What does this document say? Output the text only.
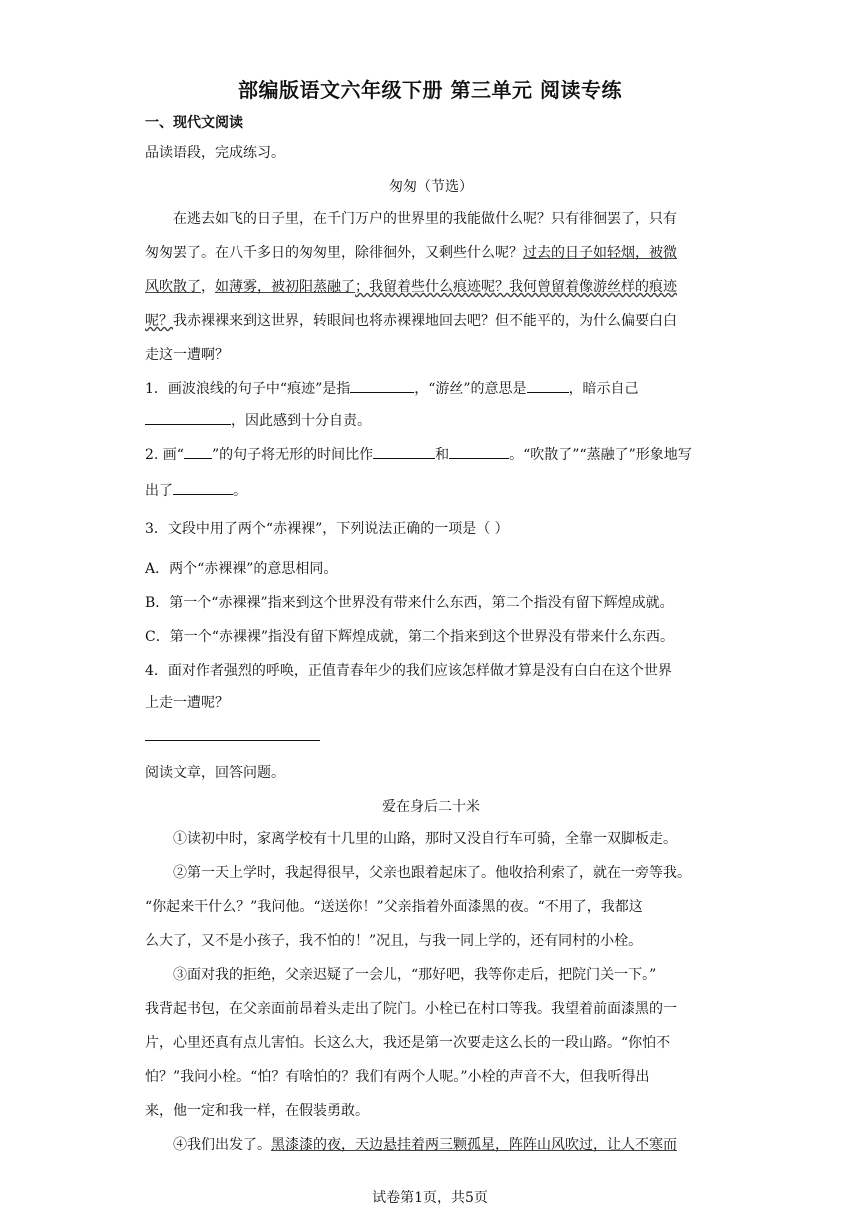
部编版语文六年级下册 第三单元 阅读专练
一、现代文阅读
品读语段，完成练习。
匆匆（节选）
在逃去如飞的日子里，在千门万户的世界里的我能做什么呢？只有徘徊罢了，只有
匆匆罢了。在八千多日的匆匆里，除徘徊外，又剩些什么呢？过去的日子如轻烟，被微
风吹散了，如薄雾，被初阳蒸融了；我留着些什么痕迹呢？我何曾留着像游丝样的痕迹
呢？我赤裸裸来到这世界，转眼间也将赤裸裸地回去吧？但不能平的，为什么偏要白白
走这一遭啊？
1．画波浪线的句子中“痕迹”是指	，“游丝”的意思是	，暗示自己
，因此感到十分自责。
2. 画“ ”的句子将无形的时间比作	和	。“吹散了”“蒸融了”形象地写
出了	。
3．文段中用了两个“赤裸裸”，下列说法正确的一项是（ ）
A．两个“赤裸裸”的意思相同。
B．第一个“赤裸裸”指来到这个世界没有带来什么东西，第二个指没有留下辉煌成就。
C．第一个“赤裸裸”指没有留下辉煌成就，第二个指来到这个世界没有带来什么东西。
4．面对作者强烈的呼唤，正值青春年少的我们应该怎样做才算是没有白白在这个世界
上走一遭呢？
阅读文章，回答问题。
爱在身后二十米
①读初中时，家离学校有十几里的山路，那时又没自行车可骑，全靠一双脚板走。
②第一天上学时，我起得很早，父亲也跟着起床了。他收拾利索了，就在一旁等我。
“你起来干什么？”我问他。“送送你！”父亲指着外面漆黑的夜。“不用了，我都这
么大了，又不是小孩子，我不怕的！”况且，与我一同上学的，还有同村的小栓。
③面对我的拒绝，父亲迟疑了一会儿，“那好吧，我等你走后，把院门关一下。”
我背起书包，在父亲面前昂着头走出了院门。小栓已在村口等我。我望着前面漆黑的一
片，心里还真有点儿害怕。长这么大，我还是第一次要走这么长的一段山路。“你怕不
怕？”我问小栓。“怕？有啥怕的？我们有两个人呢。”小栓的声音不大，但我听得出
来，他一定和我一样，在假装勇敢。
④我们出发了。黑漆漆的夜，天边悬挂着两三颗孤星，阵阵山风吹过，让人不寒而
试卷第1页，共5页
